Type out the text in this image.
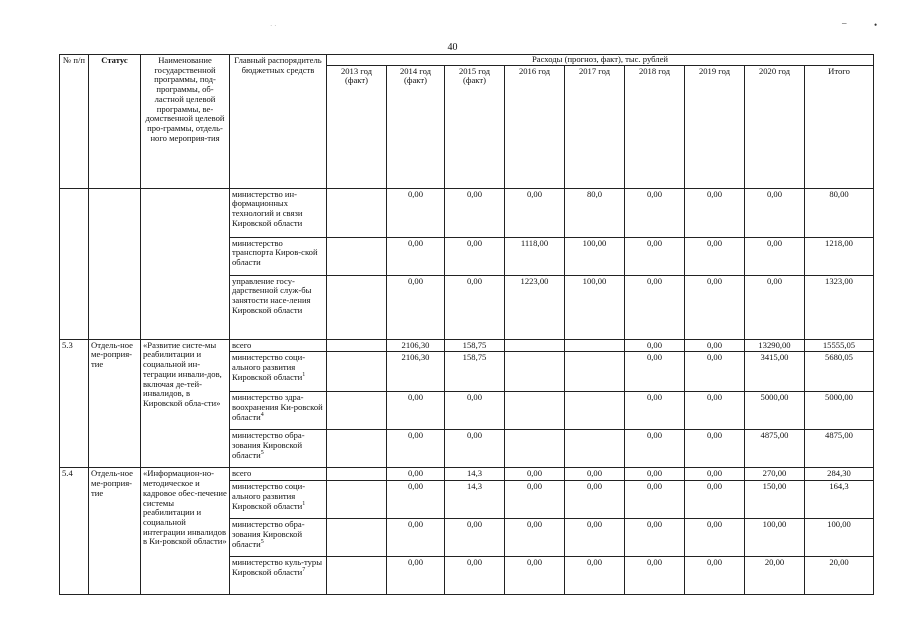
–	•
· ·
40
№ п/п	Статус	Наименование государственной программы, под-программы, об-ластной целевой программы, ве-домственной целевой про-граммы, отдель-ного мероприя-тия	Главный распорядитель бюджетных средств	Расходы (прогноз, факт), тыс. рублей								
				2013 год (факт)	2014 год (факт)	2015 год (факт)	2016 год	2017 год	2018 год	2019 год	2020 год	Итого
			министерство ин-формационных технологий и связи Кировской области		0,00	0,00	0,00	80,0	0,00	0,00	0,00	80,00
			министерство транспорта Киров-ской области		0,00	0,00	1118,00	100,00	0,00	0,00	0,00	1218,00
			управление госу-дарственной служ-бы занятости насе-ления Кировской области		0,00	0,00	1223,00	100,00	0,00	0,00	0,00	1323,00
5.3	Отдель-ное ме-роприя-тие	«Развитие систе-мы реабилитации и социальной ин-теграции инвали-дов, включая де-тей-инвалидов, в Кировской обла-сти»	всего		2106,30	158,75			0,00	0,00	13290,00	15555,05
			министерство соци-ального развития Кировской области$^1$		2106,30	158,75			0,00	0,00	3415,00	5680,05
			министерство здра-воохранения Ки-ровской области$^4$		0,00	0,00			0,00	0,00	5000,00	5000,00
			министерство обра-зования Кировской области$^5$		0,00	0,00			0,00	0,00	4875,00	4875,00
5.4	Отдель-ное ме-роприя-тие	«Информацион-но-методическое и кадровое обес-печение системы реабилитации и социальной интеграции инвалидов в Ки-ровской области»	всего		0,00	14,3	0,00	0,00	0,00	0,00	270,00	284,30
			министерство соци-ального развития Кировской области$^1$		0,00	14,3	0,00	0,00	0,00	0,00	150,00	164,3
			министерство обра-зования Кировской области$^5$		0,00	0,00	0,00	0,00	0,00	0,00	100,00	100,00
			министерство куль-туры Кировской области$^7$		0,00	0,00	0,00	0,00	0,00	0,00	20,00	20,00
